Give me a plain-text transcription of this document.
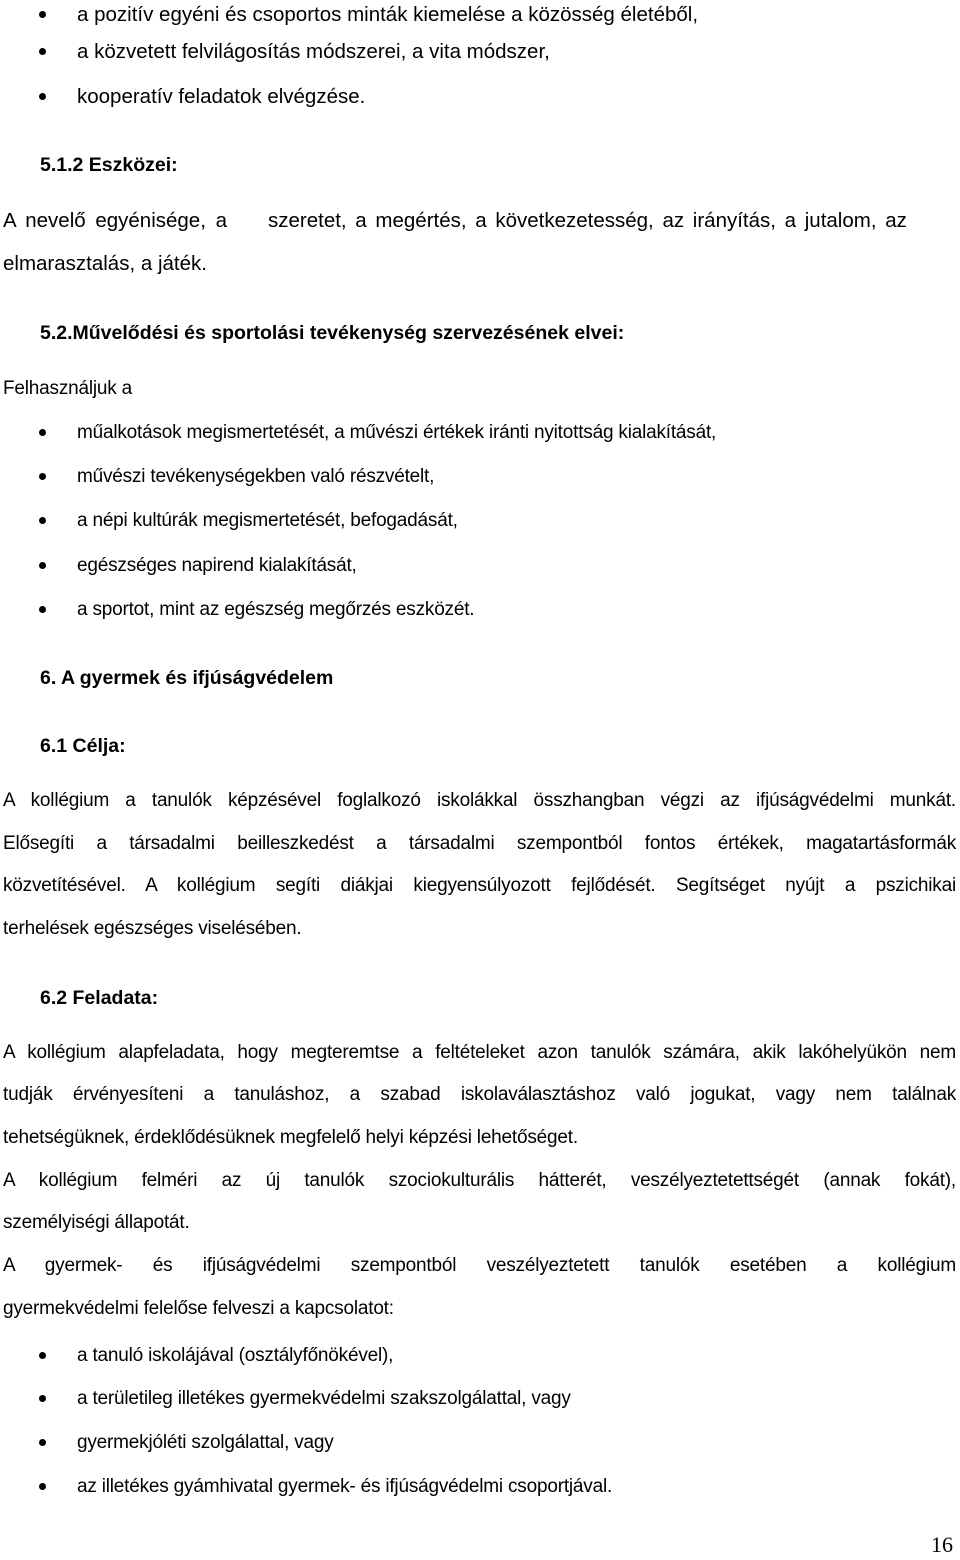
a pozitív egyéni és csoportos minták kiemelése a közösség életéből,
a közvetett felvilágosítás módszerei, a vita módszer,
kooperatív feladatok elvégzése.
5.1.2 Eszközei:
A nevelő egyénisége, a szeretet, a megértés, a következetesség, az irányítás, a jutalom, az
elmarasztalás, a játék.
5.2.Művelődési és sportolási tevékenység szervezésének elvei:
Felhasználjuk a
műalkotások megismertetését, a művészi értékek iránti nyitottság kialakítását,
művészi tevékenységekben való részvételt,
a népi kultúrák megismertetését, befogadását,
egészséges napirend kialakítását,
a sportot, mint az egészség megőrzés eszközét.
6. A gyermek és ifjúságvédelem
6.1 Célja:
A kollégium a tanulók képzésével foglalkozó iskolákkal összhangban végzi az ifjúságvédelmi munkát.
Elősegíti a társadalmi beilleszkedést a társadalmi szempontból fontos értékek, magatartásformák
közvetítésével. A kollégium segíti diákjai kiegyensúlyozott fejlődését. Segítséget nyújt a pszichikai
terhelések egészséges viselésében.
6.2 Feladata:
A kollégium alapfeladata, hogy megteremtse a feltételeket azon tanulók számára, akik lakóhelyükön nem
tudják érvényesíteni a tanuláshoz, a szabad iskolaválasztáshoz való jogukat, vagy nem találnak
tehetségüknek, érdeklődésüknek megfelelő helyi képzési lehetőséget.
A kollégium felméri az új tanulók szociokulturális hátterét, veszélyeztetettségét (annak fokát),
személyiségi állapotát.
A gyermek- és ifjúságvédelmi szempontból veszélyeztetett tanulók esetében a kollégium
gyermekvédelmi felelőse felveszi a kapcsolatot:
a tanuló iskolájával (osztályfőnökével),
a területileg illetékes gyermekvédelmi szakszolgálattal, vagy
gyermekjóléti szolgálattal, vagy
az illetékes gyámhivatal gyermek- és ifjúságvédelmi csoportjával.
16
